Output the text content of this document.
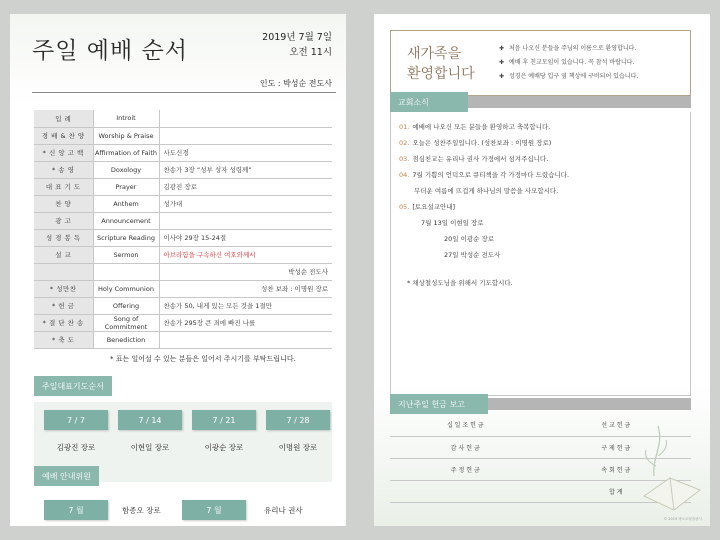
주일 예배 순서
2019년 7월 7일
오전 11시
인도 : 박성순 전도사
입 례	Introit	
경 배 & 찬 양	Worship & Praise	
* 신 앙 고 백	Affirmation of Faith	사도신경
* 송 영	Doxology	찬송가 3장 “성부 성자 성령께”
대 표 기 도	Prayer	김광진 장로
찬 양	Anthem	성가대
광 고	Announcement	
성 경 봉 독	Scripture Reading	이사야 29장 15-24절
설 교	Sermon	아브라함을 구속하신 여호와께서
		박성순 전도사
* 성만찬	Holy Communion	성찬 보좌 : 이명원 장로
* 헌 금	Offering	찬송가 50, 내게 있는 모든 것을 1절만
* 결 단 찬 송	Song of Commitment	찬송가 295장 큰 죄에 빠진 나를
* 축 도	Benediction	
* 표는 일어설 수 있는 분들은 일어서 주시기를 부탁드립니다.
주일대표기도순서
7 / 7	7 / 14	7 / 21	7 / 28
김광진 장로	이현일 장로	이광순 장로	이명원 장로
예배 안내위원
7 월	함종오 장로	7 월	유리나 권사
새가족을
환영합니다
✚ 처음 나오신 분들을 주님의 이름으로 환영합니다.
✚ 예배 후 친교모임이 있습니다. 꼭 참석 바랍니다.
✚ 성경은 예배당 입구 옆 책상에 구비되어 있습니다.
교회소식
01. 예배에 나오신 모든 분들을 환영하고 축복합니다.
02. 오늘은 성찬주일입니다. (성찬보좌 : 이명원 장로)
03. 점심친교는 유리나 권사 가정에서 섬겨주십니다.
04. 7월 기쁨의 언덕으로 큐티책을 각 가정마다 드렸습니다.
무더운 여름에 뜨겁게 하나님의 말씀을 사모합시다.
05. [토요설교안내]
7월 13일 이현일 장로
20일 이광순 장로
27일 박성순 전도사
* 채상철성도님을 위해서 기도합시다.
지난주일 헌금 보고
십 일 조 헌 금	선 교 헌 금
감 사 헌 금	구 제 헌 금
주 정 헌 금	속 회 헌 금
	합 계
© 2019 바오로딸출판사
